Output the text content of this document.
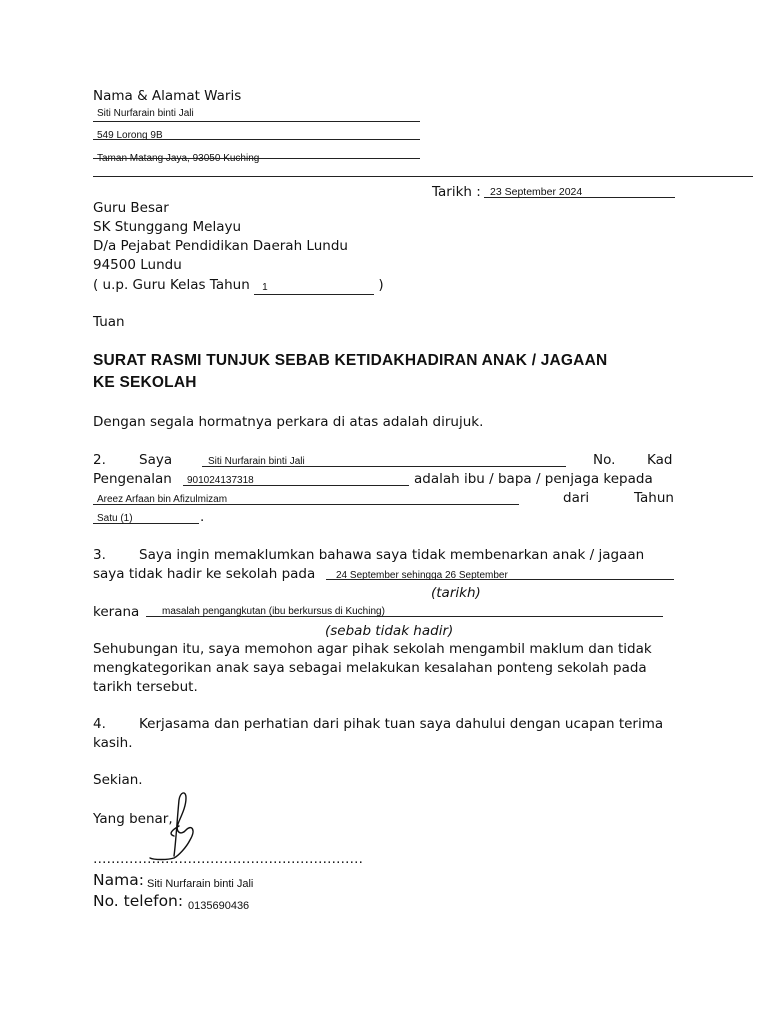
Nama & Alamat Waris
Siti Nurfarain binti Jali
549 Lorong 9B
Taman Matang Jaya, 93050 Kuching
Tarikh : 23 September 2024
Guru Besar
SK Stunggang Melayu
D/a Pejabat Pendidikan Daerah Lundu
94500 Lundu
( u.p. Guru Kelas Tahun $_1$	)
Tuan
SURAT RASMI TUNJUK SEBAB KETIDAKHADIRAN ANAK / JAGAAN
KE SEKOLAH
Dengan segala hormatnya perkara di atas adalah dirujuk.
2. Saya	Siti Nurfarain binti Jali	No. Kad
Pengenalan 901024137318	adalah ibu / bapa / penjaga kepada
Areez Arfaan bin Afizulmizam	dari	Tahun
Satu (1)	.
3. Saya ingin memaklumkan bahawa saya tidak membenarkan anak / jagaan
saya tidak hadir ke sekolah pada 24 September sehingga 26 September
(tarikh)
kerana masalah pengangkutan (ibu berkursus di Kuching)
(sebab tidak hadir)
Sehubungan itu, saya memohon agar pihak sekolah mengambil maklum dan tidak
mengkategorikan anak saya sebagai melakukan kesalahan ponteng sekolah pada
tarikh tersebut.
4. Kerjasama dan perhatian dari pihak tuan saya dahului dengan ucapan terima
kasih.
Sekian.
Yang benar,
……………………………………………………
Nama: Siti Nurfarain binti Jali
No. telefon: 0135690436
